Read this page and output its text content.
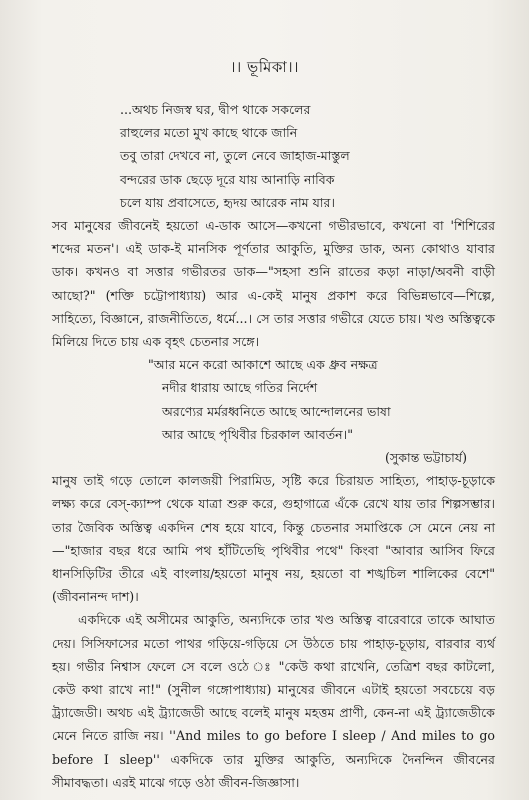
।। ভূমিকা।।
...অথচ নিজস্ব ঘর, দ্বীপ থাকে সকলের
রাহুলের মতো মুখ কাছে থাকে জানি
তবু তারা দেখবে না, তুলে নেবে জাহাজ-মাস্তুল
বন্দরের ডাক ছেড়ে দূরে যায় আনাড়ি নাবিক
চলে যায় প্রবাসেতে, হৃদয় আরেক নাম যার।

সব মানুষের জীবনেই হয়তো এ-ডাক আসে—কখনো গভীরভাবে, কখনো বা 'শিশিরের শব্দের মতন'। এই ডাক-ই মানসিক পূর্ণতার আকুতি, মুক্তির ডাক, অন্য কোথাও যাবার ডাক। কখনও বা সত্তার গভীরতর ডাক—"সহসা শুনি রাতের কড়া নাড়া/অবনী বাড়ী আছো?" (শক্তি চট্টোপাধ্যায়) আর এ-কেই মানুষ প্রকাশ করে বিভিন্নভাবে—শিল্পে, সাহিত্যে, বিজ্ঞানে, রাজনীতিতে, ধর্মে...। সে তার সত্তার গভীরে যেতে চায়। খণ্ড অস্তিত্বকে মিলিয়ে দিতে চায় এক বৃহৎ চেতনার সঙ্গে।

"আর মনে করো আকাশে আছে এক ধ্রুব নক্ষত্র
নদীর ধারায় আছে গতির নির্দেশ
অরণ্যের মর্মরধ্বনিতে আছে আন্দোলনের ভাষা
আর আছে পৃথিবীর চিরকাল আবর্তন।"

(সুকান্ত ভট্টাচার্য)

মানুষ তাই গড়ে তোলে কালজয়ী পিরামিড, সৃষ্টি করে চিরায়ত সাহিত্য, পাহাড়-চূড়াকে লক্ষ্য করে বেস্-ক্যাম্প থেকে যাত্রা শুরু করে, গুহাগাত্রে এঁকে রেখে যায় তার শিল্পসম্ভার। তার জৈবিক অস্তিত্ব একদিন শেষ হয়ে যাবে, কিন্তু চেতনার সমাপ্তিকে সে মেনে নেয় না—"হাজার বছর ধরে আমি পথ হাঁটিতেছি পৃথিবীর পথে" কিংবা "আবার আসিব ফিরে ধানসিড়িটির তীরে এই বাংলায়/হয়তো মানুষ নয়, হয়তো বা শঙ্খচিল শালিকের বেশে" (জীবনানন্দ দাশ)।

একদিকে এই অসীমের আকুতি, অন্যদিকে তার খণ্ড অস্তিত্ব বারেবারে তাকে আঘাত দেয়। সিসিফাসের মতো পাথর গড়িয়ে-গড়িয়ে সে উঠতে চায় পাহাড়-চূড়ায়, বারবার ব্যর্থ হয়। গভীর নিশ্বাস ফেলে সে বলে ওঠে ঃ "কেউ কথা রাখেনি, তেত্রিশ বছর কাটলো, কেউ কথা রাখে না!" (সুনীল গঙ্গোপাধ্যায়) মানুষের জীবনে এটাই হয়তো সবচেয়ে বড় ট্র্যাজেডী। অথচ এই ট্র্যাজেডী আছে বলেই মানুষ মহত্তম প্রাণী, কেন-না এই ট্র্যাজেডীকে মেনে নিতে রাজি নয়। ''And miles to go before I sleep / And miles to go before I sleep'' একদিকে তার মুক্তির আকুতি, অন্যদিকে দৈনন্দিন জীবনের সীমাবদ্ধতা। এরই মাঝে গড়ে ওঠা জীবন-জিজ্ঞাসা।
